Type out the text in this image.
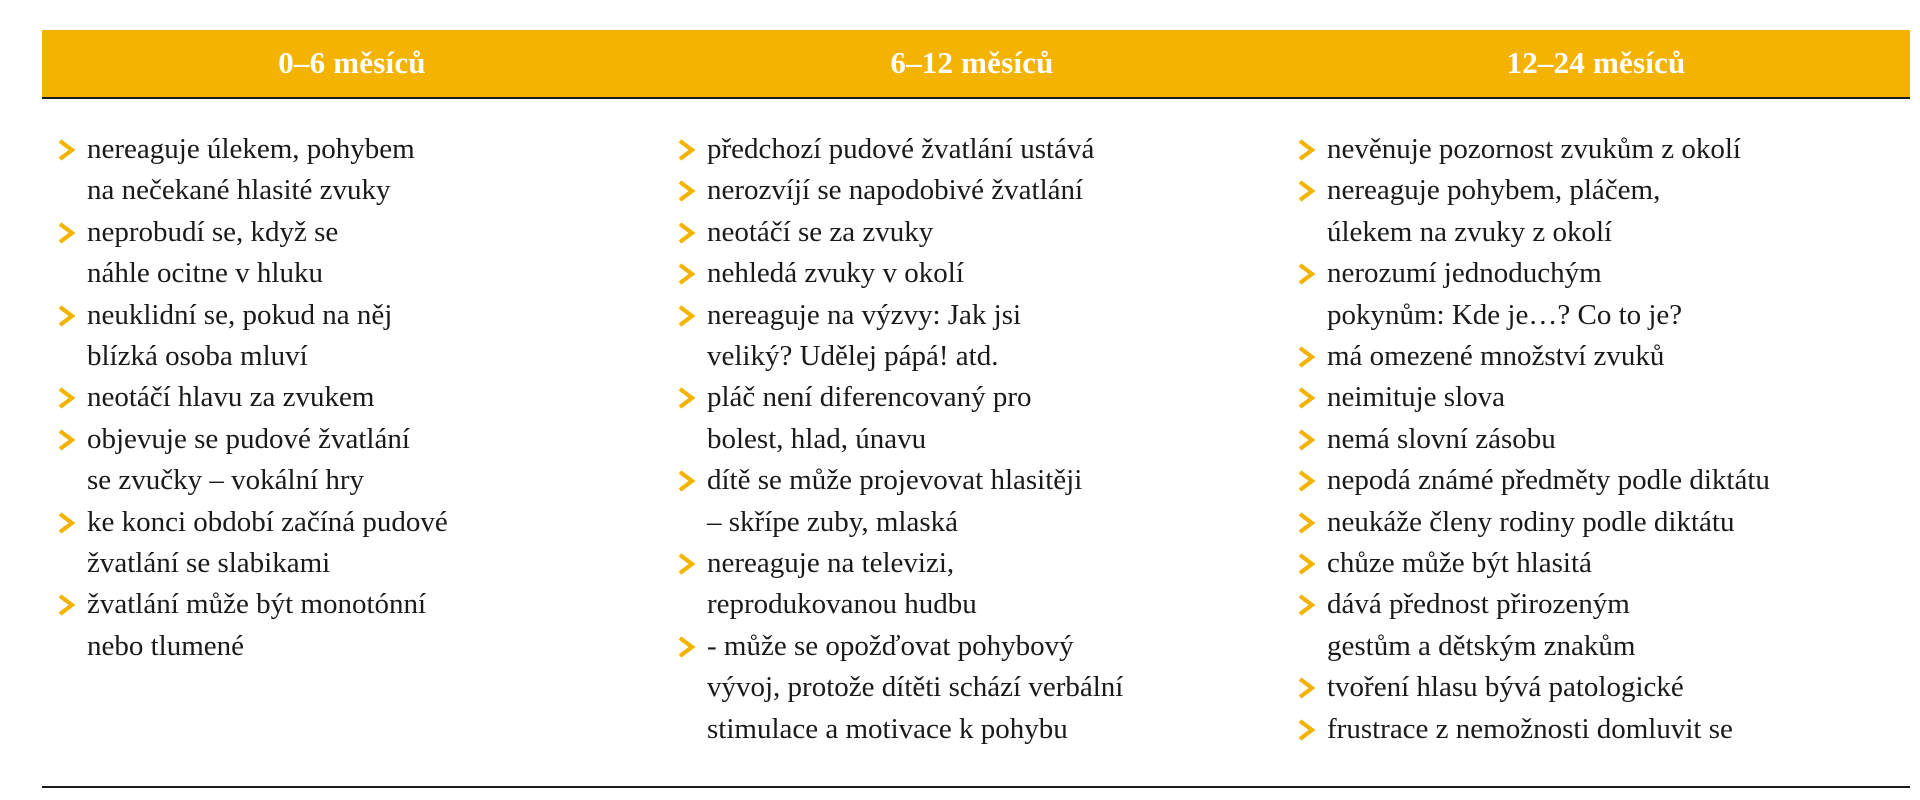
0–6 měsíců	6–12 měsíců	12–24 měsíců
nereaguje úlekem, pohybem
na nečekané hlasité zvuky
neprobudí se, když se
náhle ocitne v hluku
neuklidní se, pokud na něj
blízká osoba mluví
neotáčí hlavu za zvukem
objevuje se pudové žvatlání
se zvučky – vokální hry
ke konci období začíná pudové
žvatlání se slabikami
žvatlání může být monotónní
nebo tlumené
předchozí pudové žvatlání ustává
nerozvíjí se napodobivé žvatlání
neotáčí se za zvuky
nehledá zvuky v okolí
nereaguje na výzvy: Jak jsi
veliký? Udělej pápá! atd.
pláč není diferencovaný pro
bolest, hlad, únavu
dítě se může projevovat hlasitěji
– skřípe zuby, mlaská
nereaguje na televizi,
reprodukovanou hudbu
- může se opožďovat pohybový
vývoj, protože dítěti schází verbální
stimulace a motivace k pohybu
nevěnuje pozornost zvukům z okolí
nereaguje pohybem, pláčem,
úlekem na zvuky z okolí
nerozumí jednoduchým
pokynům: Kde je…? Co to je?
má omezené množství zvuků
neimituje slova
nemá slovní zásobu
nepodá známé předměty podle diktátu
neukáže členy rodiny podle diktátu
chůze může být hlasitá
dává přednost přirozeným
gestům a dětským znakům
tvoření hlasu bývá patologické
frustrace z nemožnosti domluvit se
